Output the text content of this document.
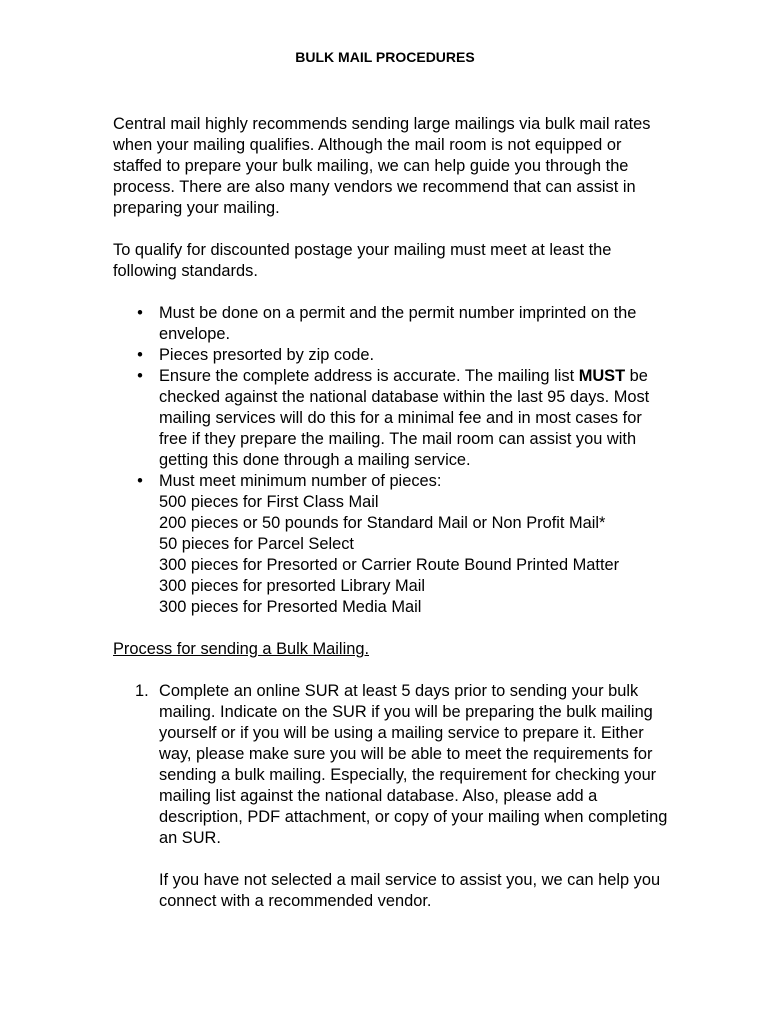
BULK MAIL PROCEDURES

Central mail highly recommends sending large mailings via bulk mail rates when your mailing qualifies. Although the mail room is not equipped or staffed to prepare your bulk mailing, we can help guide you through the process. There are also many vendors we recommend that can assist in preparing your mailing.

To qualify for discounted postage your mailing must meet at least the following standards.

• Must be done on a permit and the permit number imprinted on the envelope.
• Pieces presorted by zip code.
• Ensure the complete address is accurate. The mailing list MUST be checked against the national database within the last 95 days. Most mailing services will do this for a minimal fee and in most cases for free if they prepare the mailing. The mail room can assist you with getting this done through a mailing service.
• Must meet minimum number of pieces:
500 pieces for First Class Mail
200 pieces or 50 pounds for Standard Mail or Non Profit Mail*
50 pieces for Parcel Select
300 pieces for Presorted or Carrier Route Bound Printed Matter
300 pieces for presorted Library Mail
300 pieces for Presorted Media Mail

Process for sending a Bulk Mailing.

1. Complete an online SUR at least 5 days prior to sending your bulk mailing. Indicate on the SUR if you will be preparing the bulk mailing yourself or if you will be using a mailing service to prepare it. Either way, please make sure you will be able to meet the requirements for sending a bulk mailing. Especially, the requirement for checking your mailing list against the national database. Also, please add a description, PDF attachment, or copy of your mailing when completing an SUR.

If you have not selected a mail service to assist you, we can help you connect with a recommended vendor.
